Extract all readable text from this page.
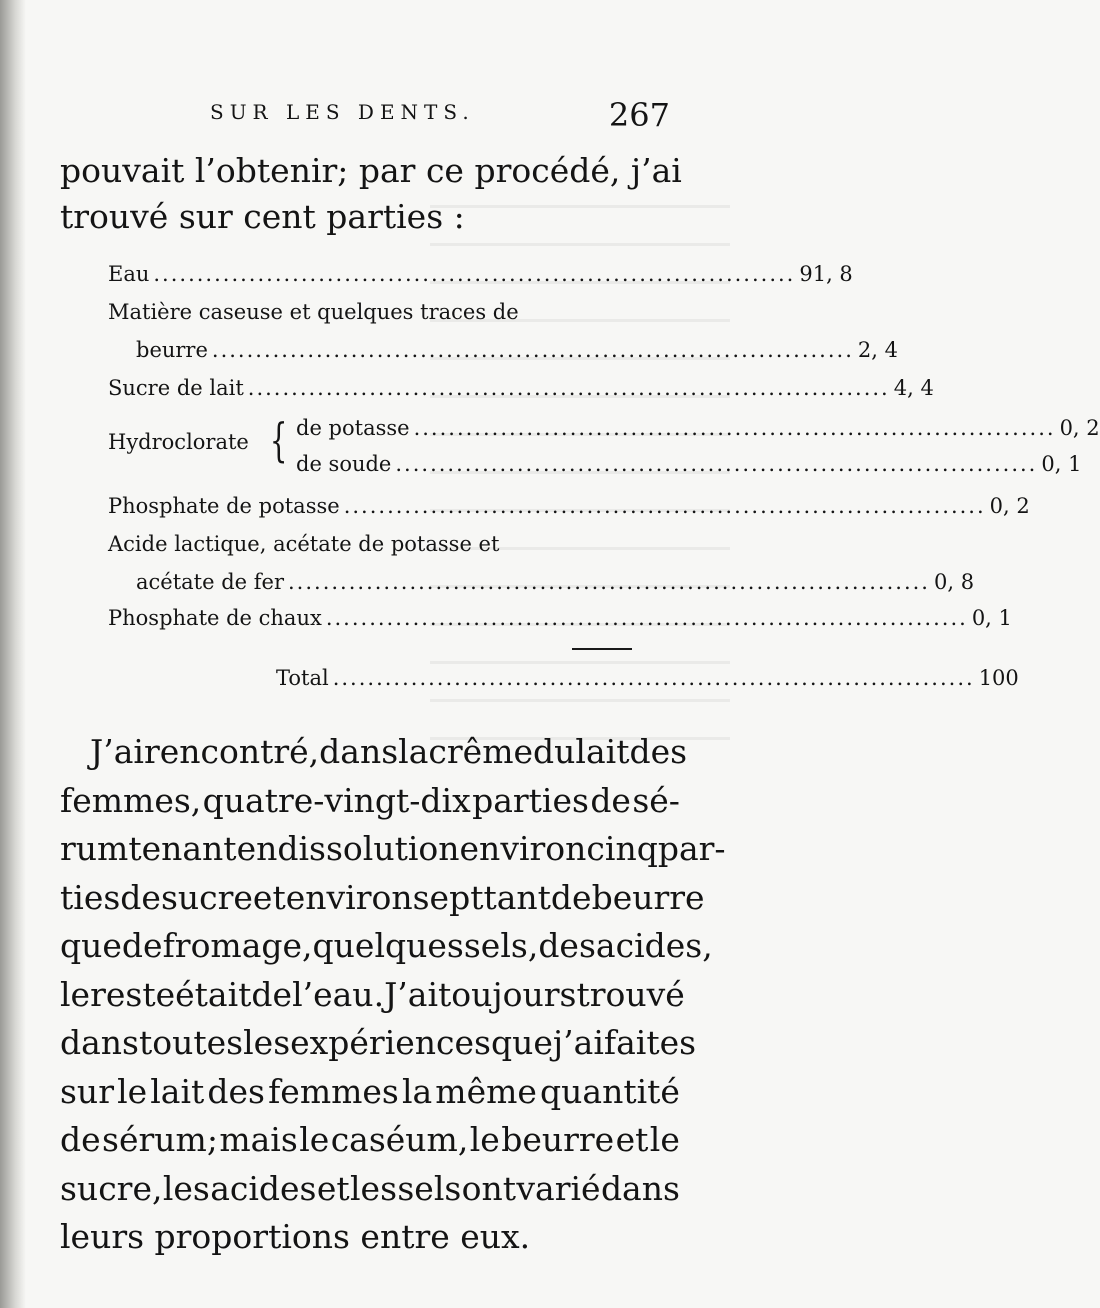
SUR LES DENTS.	267
pouvait l’obtenir; par ce procédé, j’ai
trouvé sur cent parties :
Eau .......................................................................... 91, 8
Matière caseuse et quelques traces de
beurre .......................................................................... 2, 4
Sucre de lait .......................................................................... 4, 4
Hydroclorate { de potasse .......................................................................... 0, 2
de soude .......................................................................... 0, 1
Phosphate de potasse .......................................................................... 0, 2
Acide lactique, acétate de potasse et
acétate de fer .......................................................................... 0, 8
Phosphate de chaux .......................................................................... 0, 1
Total .......................................................................... 100
J’ai rencontré, dans la crême du lait des
femmes, quatre-vingt-dix parties de sé-
rum tenant en dissolution environ cinq par-
ties de sucre et environ sept tant de beurre
que de fromage, quelques sels, des acides,
le reste était de l’eau. J’ai toujours trouvé
dans toutes les expériences que j’ai faites
sur le lait des femmes la même quantité
de sérum; mais le caséum, le beurre et le
sucre, les acides et les sels ont varié dans
leurs proportions entre eux.
